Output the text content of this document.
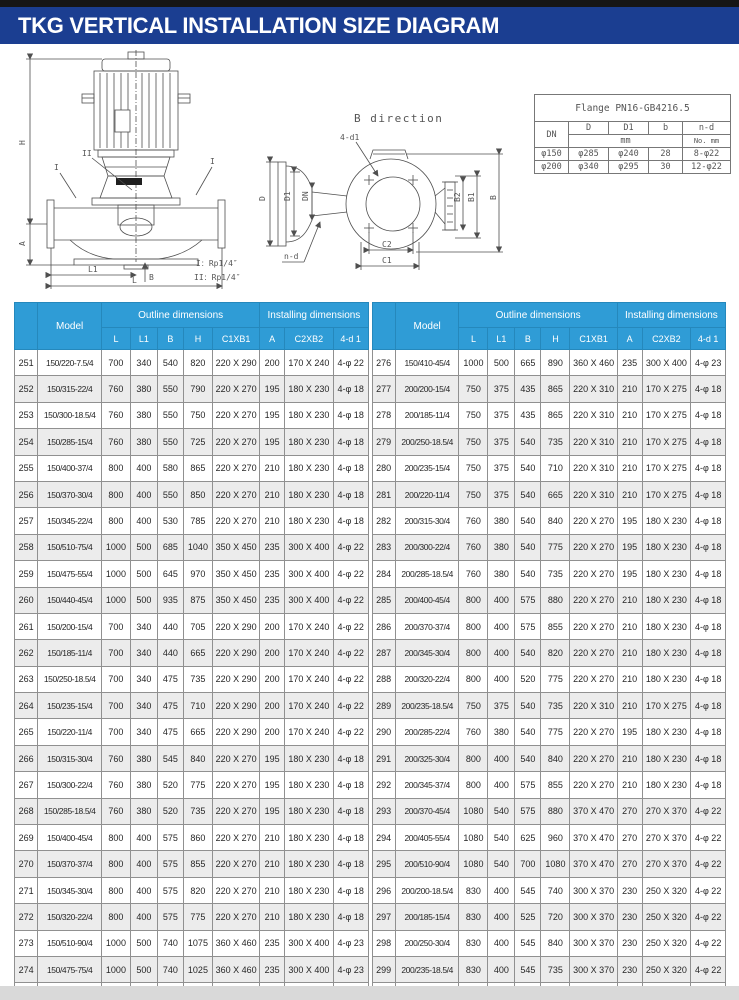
TKG VERTICAL INSTALLATION SIZE DIAGRAM
H
A
L1
L B
II
I
I
I：Rp1/4″
II：Rp1/4″
B direction
4-d1
D D1 DN
n-d
C2
C1
B2 B1 B
Flange PN16-GB4216.5				
DN	D	D1	b	n-d
	mm			No. mm
φ150	φ285	φ240	28	8-φ22
φ200	φ340	φ295	30	12-φ22
	Model	Outline dimensions					Installing dimensions		
		L	L1	B	H	C1XB1	A	C2XB2	4-d 1
251	150/220-7.5/4	700	340	540	820	220 X 290	200	170 X 240	4-φ 22
252	150/315-22/4	760	380	550	790	220 X 270	195	180 X 230	4-φ 18
253	150/300-18.5/4	760	380	550	750	220 X 270	195	180 X 230	4-φ 18
254	150/285-15/4	760	380	550	725	220 X 270	195	180 X 230	4-φ 18
255	150/400-37/4	800	400	580	865	220 X 270	210	180 X 230	4-φ 18
256	150/370-30/4	800	400	550	850	220 X 270	210	180 X 230	4-φ 18
257	150/345-22/4	800	400	530	785	220 X 270	210	180 X 230	4-φ 18
258	150/510-75/4	1000	500	685	1040	350 X 450	235	300 X 400	4-φ 22
259	150/475-55/4	1000	500	645	970	350 X 450	235	300 X 400	4-φ 22
260	150/440-45/4	1000	500	935	875	350 X 450	235	300 X 400	4-φ 22
261	150/200-15/4	700	340	440	705	220 X 290	200	170 X 240	4-φ 22
262	150/185-11/4	700	340	440	665	220 X 290	200	170 X 240	4-φ 22
263	150/250-18.5/4	700	340	475	735	220 X 290	200	170 X 240	4-φ 22
264	150/235-15/4	700	340	475	710	220 X 290	200	170 X 240	4-φ 22
265	150/220-11/4	700	340	475	665	220 X 290	200	170 X 240	4-φ 22
266	150/315-30/4	760	380	545	840	220 X 270	195	180 X 230	4-φ 18
267	150/300-22/4	760	380	520	775	220 X 270	195	180 X 230	4-φ 18
268	150/285-18.5/4	760	380	520	735	220 X 270	195	180 X 230	4-φ 18
269	150/400-45/4	800	400	575	860	220 X 270	210	180 X 230	4-φ 18
270	150/370-37/4	800	400	575	855	220 X 270	210	180 X 230	4-φ 18
271	150/345-30/4	800	400	575	820	220 X 270	210	180 X 230	4-φ 18
272	150/320-22/4	800	400	575	775	220 X 270	210	180 X 230	4-φ 18
273	150/510-90/4	1000	500	740	1075	360 X 460	235	300 X 400	4-φ 23
274	150/475-75/4	1000	500	740	1025	360 X 460	235	300 X 400	4-φ 23

	Model	Outline dimensions					Installing dimensions		
		L	L1	B	H	C1XB1	A	C2XB2	4-d 1
276	150/410-45/4	1000	500	665	890	360 X 460	235	300 X 400	4-φ 23
277	200/200-15/4	750	375	435	865	220 X 310	210	170 X 275	4-φ 18
278	200/185-11/4	750	375	435	865	220 X 310	210	170 X 275	4-φ 18
279	200/250-18.5/4	750	375	540	735	220 X 310	210	170 X 275	4-φ 18
280	200/235-15/4	750	375	540	710	220 X 310	210	170 X 275	4-φ 18
281	200/220-11/4	750	375	540	665	220 X 310	210	170 X 275	4-φ 18
282	200/315-30/4	760	380	540	840	220 X 270	195	180 X 230	4-φ 18
283	200/300-22/4	760	380	540	775	220 X 270	195	180 X 230	4-φ 18
284	200/285-18.5/4	760	380	540	735	220 X 270	195	180 X 230	4-φ 18
285	200/400-45/4	800	400	575	880	220 X 270	210	180 X 230	4-φ 18
286	200/370-37/4	800	400	575	855	220 X 270	210	180 X 230	4-φ 18
287	200/345-30/4	800	400	540	820	220 X 270	210	180 X 230	4-φ 18
288	200/320-22/4	800	400	520	775	220 X 270	210	180 X 230	4-φ 18
289	200/235-18.5/4	750	375	540	735	220 X 310	210	170 X 275	4-φ 18
290	200/285-22/4	760	380	540	775	220 X 270	195	180 X 230	4-φ 18
291	200/325-30/4	800	400	540	840	220 X 270	210	180 X 230	4-φ 18
292	200/345-37/4	800	400	575	855	220 X 270	210	180 X 230	4-φ 18
293	200/370-45/4	1080	540	575	880	370 X 470	270	270 X 370	4-φ 22
294	200/405-55/4	1080	540	625	960	370 X 470	270	270 X 370	4-φ 22
295	200/510-90/4	1080	540	700	1080	370 X 470	270	270 X 370	4-φ 22
296	200/200-18.5/4	830	400	545	740	300 X 370	230	250 X 320	4-φ 22
297	200/185-15/4	830	400	525	720	300 X 370	230	250 X 320	4-φ 22
298	200/250-30/4	830	400	545	840	300 X 370	230	250 X 320	4-φ 22
299	200/235-18.5/4	830	400	545	735	300 X 370	230	250 X 320	4-φ 22
